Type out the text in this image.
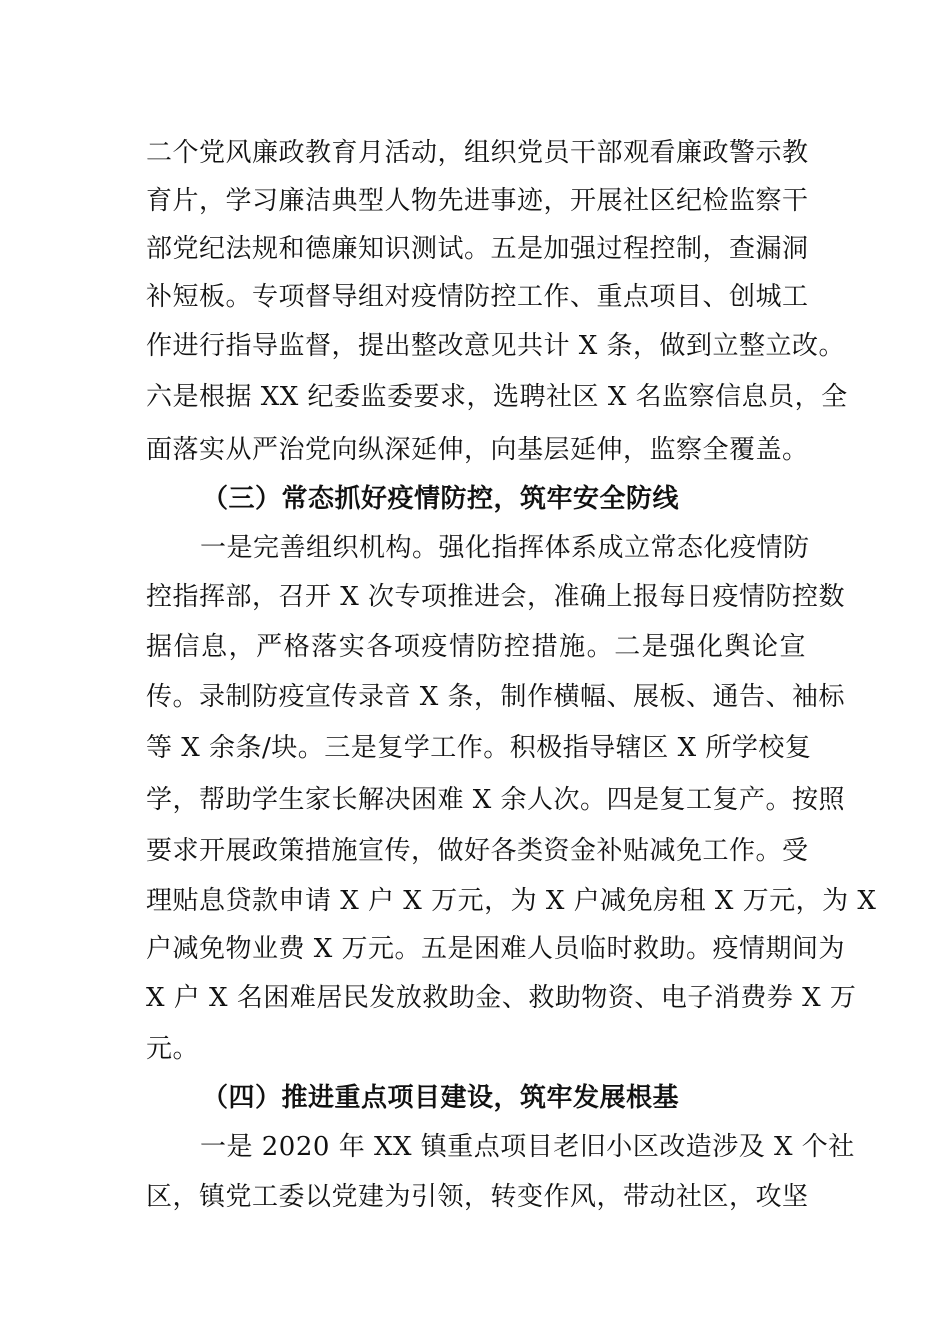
二个党风廉政教育月活动，组织党员干部观看廉政警示教
育片，学习廉洁典型人物先进事迹，开展社区纪检监察干
部党纪法规和德廉知识测试。五是加强过程控制，查漏洞
补短板。专项督导组对疫情防控工作、重点项目、创城工
作进行指导监督，提出整改意见共计 X 条，做到立整立改。
六是根据 XX 纪委监委要求，选聘社区 X 名监察信息员，全
面落实从严治党向纵深延伸，向基层延伸，监察全覆盖。
（三）常态抓好疫情防控，筑牢安全防线
一是完善组织机构。强化指挥体系成立常态化疫情防
控指挥部，召开 X 次专项推进会，准确上报每日疫情防控数
据信息，严格落实各项疫情防控措施。二是强化舆论宣
传。录制防疫宣传录音 X 条，制作横幅、展板、通告、袖标
等 X 余条/块。三是复学工作。积极指导辖区 X 所学校复
学，帮助学生家长解决困难 X 余人次。四是复工复产。按照
要求开展政策措施宣传，做好各类资金补贴减免工作。受
理贴息贷款申请 X 户 X 万元，为 X 户减免房租 X 万元，为 X
户减免物业费 X 万元。五是困难人员临时救助。疫情期间为
X 户 X 名困难居民发放救助金、救助物资、电子消费券 X 万
元。
（四）推进重点项目建设，筑牢发展根基
一是 2020 年 XX 镇重点项目老旧小区改造涉及 X 个社
区，镇党工委以党建为引领，转变作风，带动社区，攻坚
